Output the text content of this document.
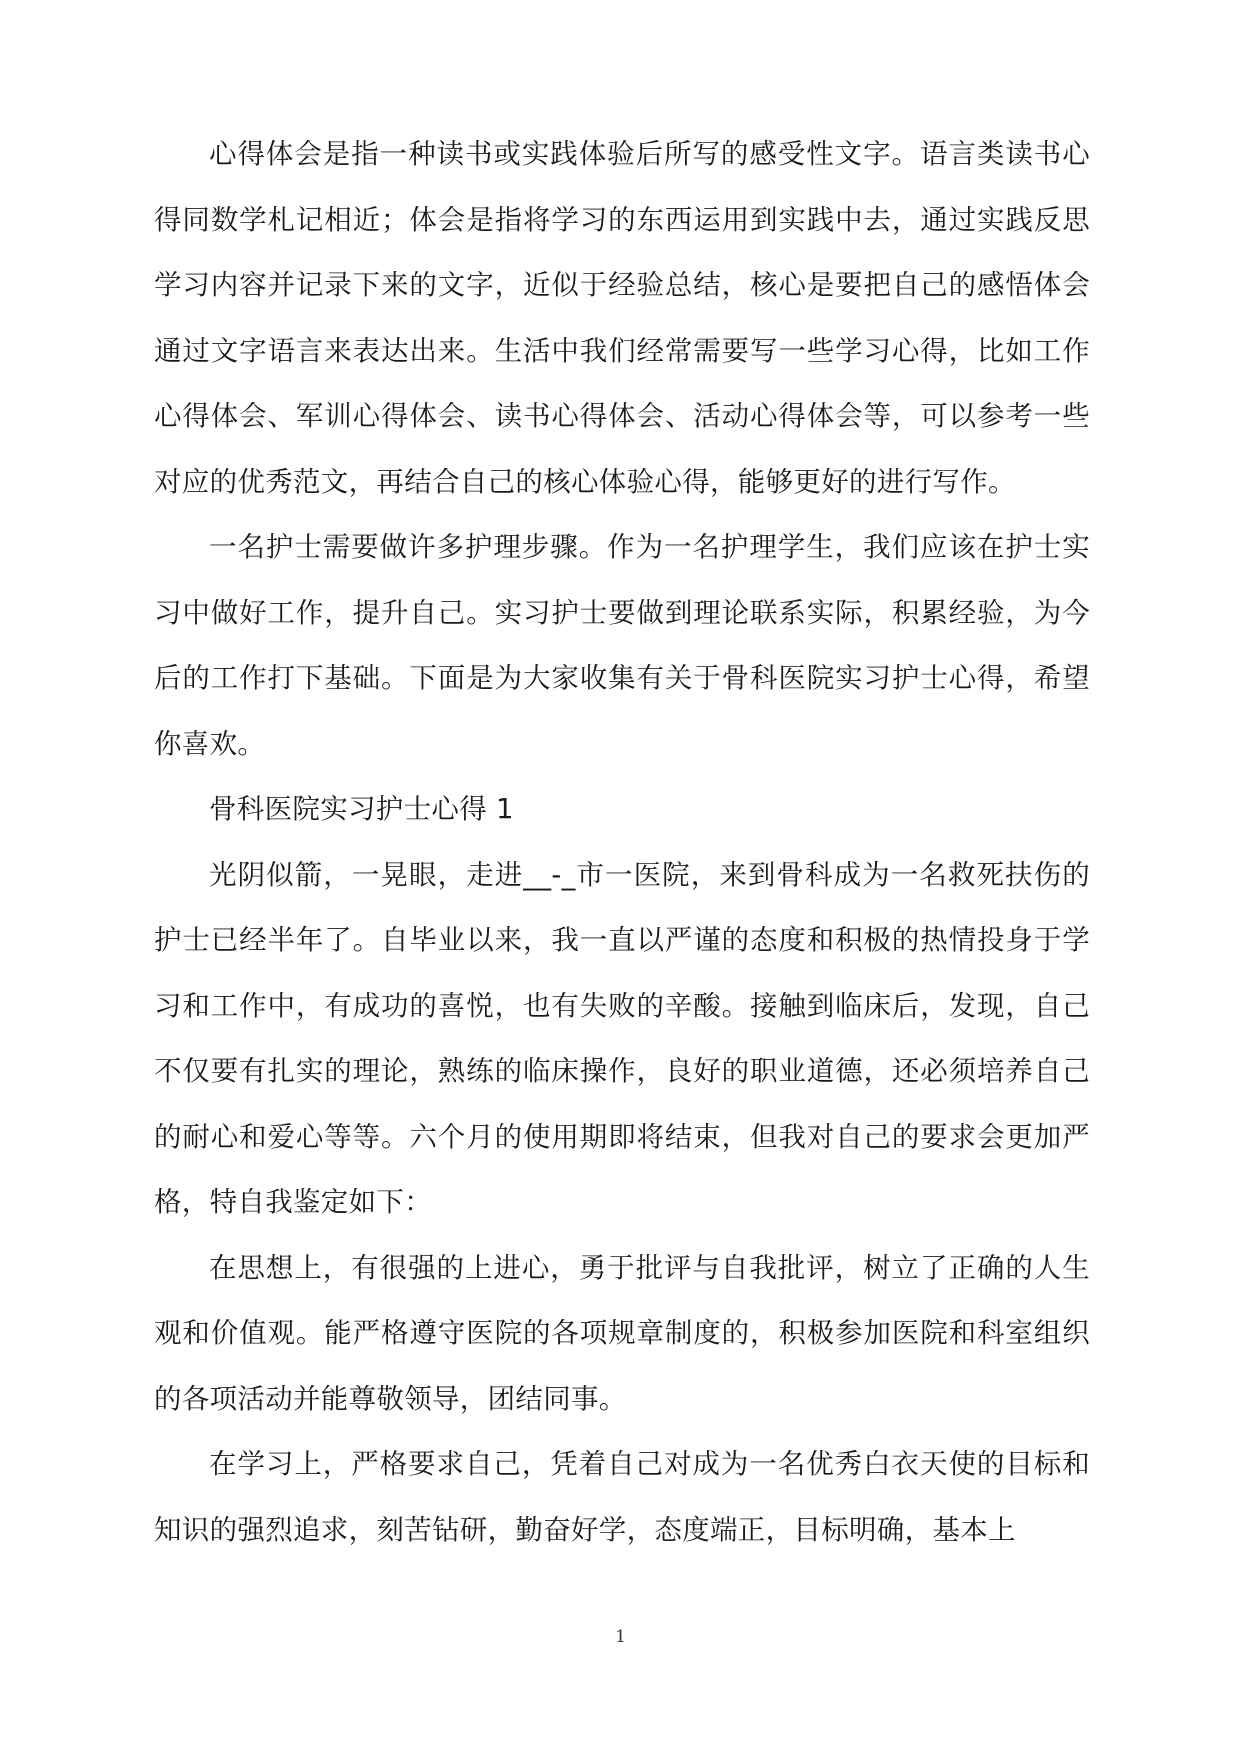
心得体会是指一种读书或实践体验后所写的感受性文字。语言类读书心得同数学札记相近；体会是指将学习的东西运用到实践中去，通过实践反思学习内容并记录下来的文字，近似于经验总结，核心是要把自己的感悟体会通过文字语言来表达出来。生活中我们经常需要写一些学习心得，比如工作心得体会、军训心得体会、读书心得体会、活动心得体会等，可以参考一些对应的优秀范文，再结合自己的核心体验心得，能够更好的进行写作。

一名护士需要做许多护理步骤。作为一名护理学生，我们应该在护士实习中做好工作，提升自己。实习护士要做到理论联系实际，积累经验，为今后的工作打下基础。下面是为大家收集有关于骨科医院实习护士心得，希望你喜欢。

骨科医院实习护士心得 1

光阴似箭，一晃眼，走进__-_市一医院，来到骨科成为一名救死扶伤的护士已经半年了。自毕业以来，我一直以严谨的态度和积极的热情投身于学习和工作中，有成功的喜悦，也有失败的辛酸。接触到临床后，发现，自己不仅要有扎实的理论，熟练的临床操作，良好的职业道德，还必须培养自己的耐心和爱心等等。六个月的使用期即将结束，但我对自己的要求会更加严格，特自我鉴定如下：

在思想上，有很强的上进心，勇于批评与自我批评，树立了正确的人生观和价值观。能严格遵守医院的各项规章制度的，积极参加医院和科室组织的各项活动并能尊敬领导，团结同事。

在学习上，严格要求自己，凭着自己对成为一名优秀白衣天使的目标和知识的强烈追求，刻苦钻研，勤奋好学，态度端正，目标明确，基本上

1
